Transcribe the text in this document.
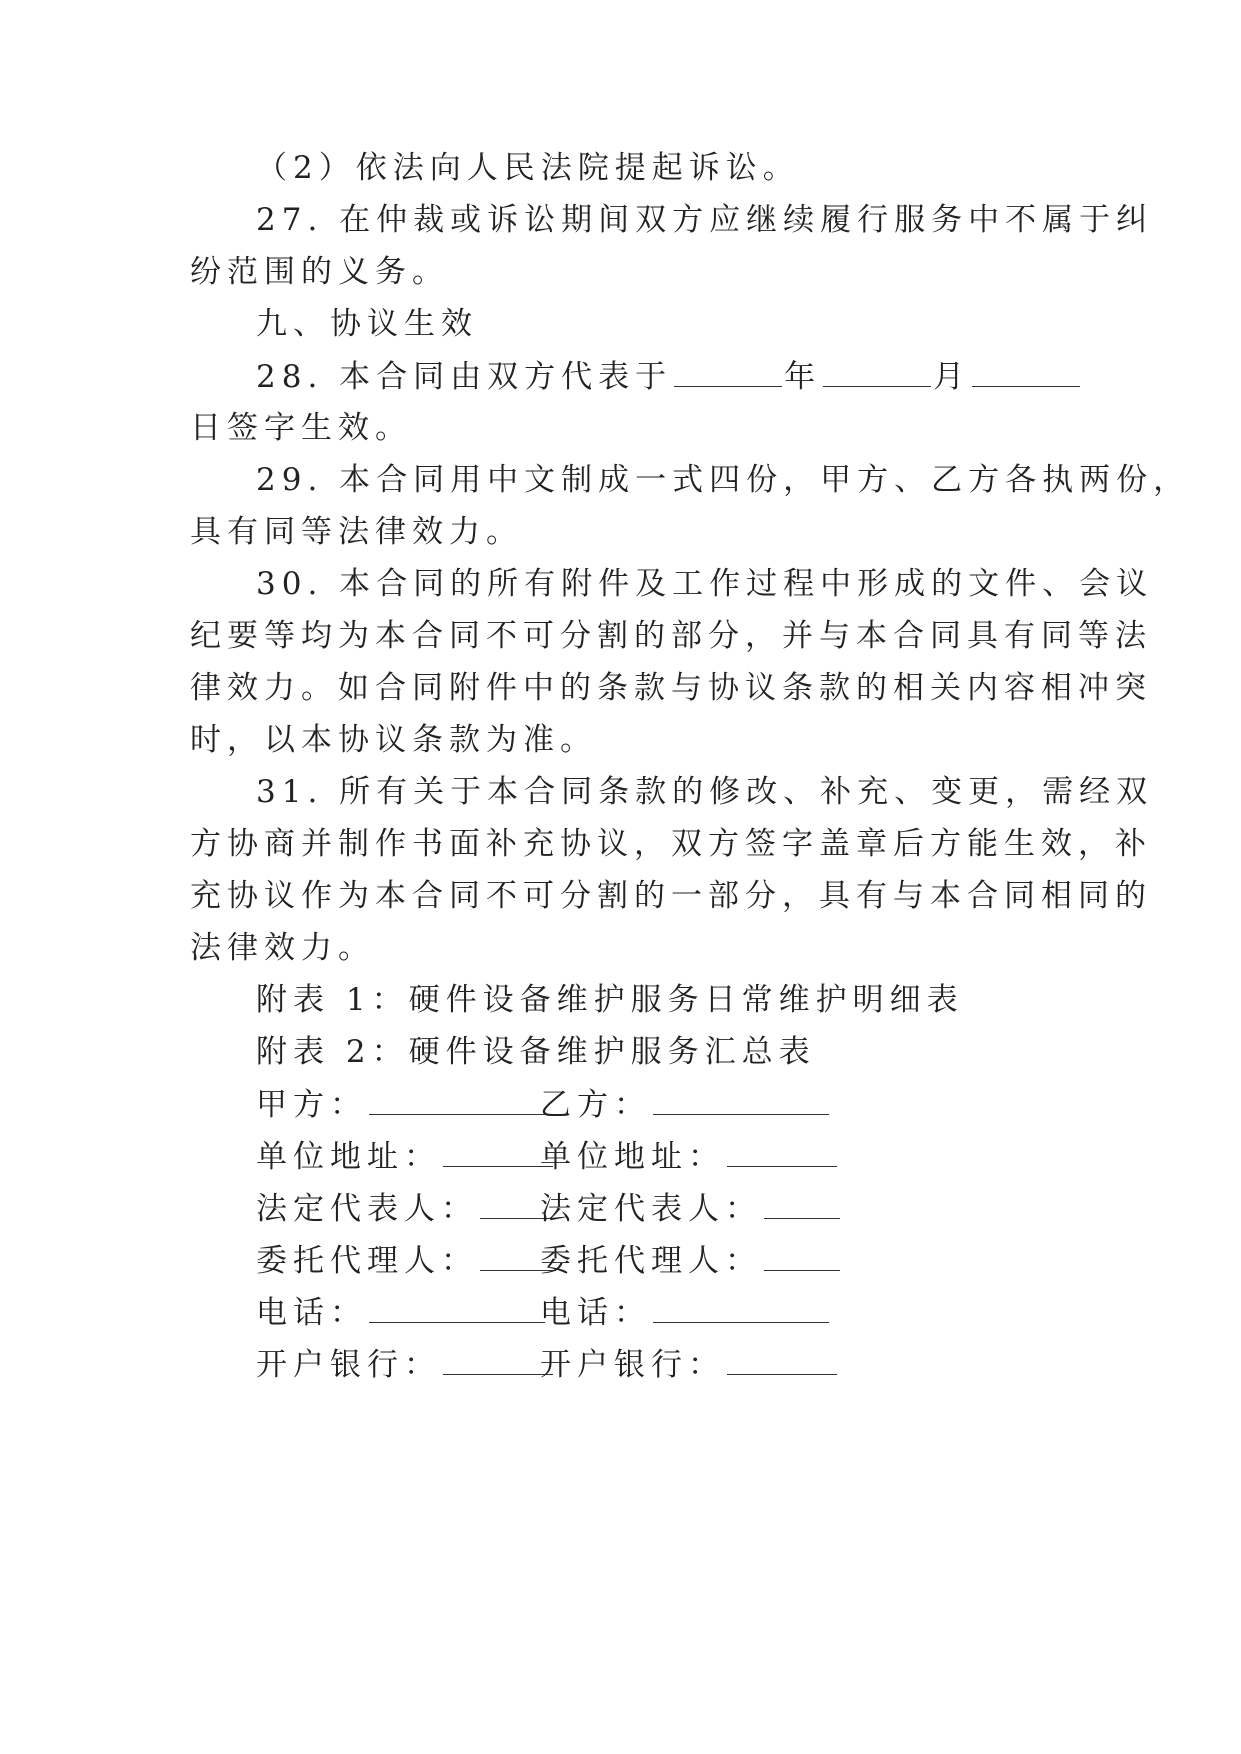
（2）依法向人民法院提起诉讼。
27. 在仲裁或诉讼期间双方应继续履行服务中不属于纠
纷范围的义务。
九、协议生效
28. 本合同由双方代表于	年	月
日签字生效。
29. 本合同用中文制成一式四份，甲方、乙方各执两份，
具有同等法律效力。
30. 本合同的所有附件及工作过程中形成的文件、会议
纪要等均为本合同不可分割的部分，并与本合同具有同等法
律效力。如合同附件中的条款与协议条款的相关内容相冲突
时，以本协议条款为准。
31. 所有关于本合同条款的修改、补充、变更，需经双
方协商并制作书面补充协议，双方签字盖章后方能生效，补
充协议作为本合同不可分割的一部分，具有与本合同相同的
法律效力。
附表 1：硬件设备维护服务日常维护明细表
附表 2：硬件设备维护服务汇总表
甲方：	乙方：
单位地址：	单位地址：
法定代表人：	法定代表人：
委托代理人：	委托代理人：
电话：	电话：
开户银行：	开户银行：
